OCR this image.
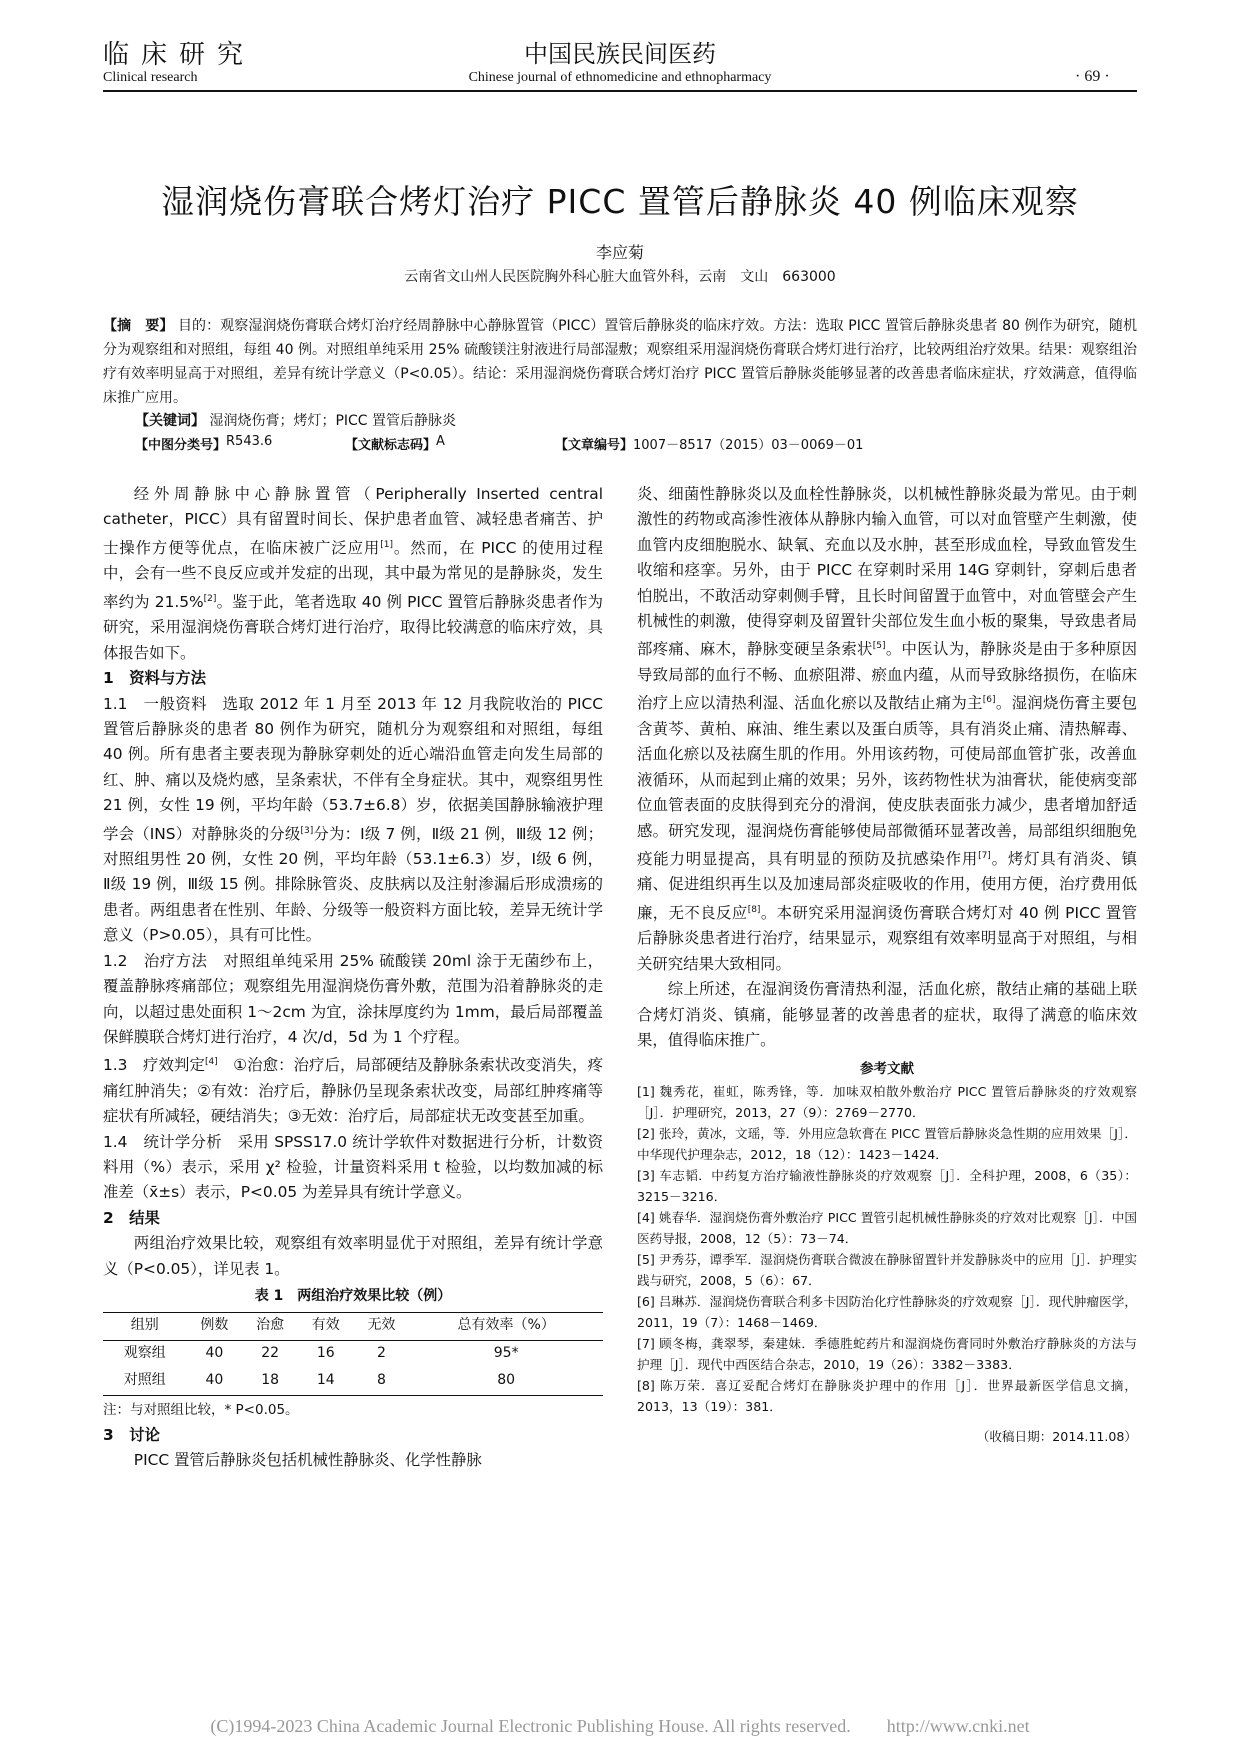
临床研究
Clinical research
中国民族民间医药
Chinese journal of ethnomedicine and ethnopharmacy	· 69 ·
湿润烧伤膏联合烤灯治疗 PICC 置管后静脉炎 40 例临床观察
李应菊
云南省文山州人民医院胸外科心脏大血管外科，云南　文山　663000
【摘　要】 目的：观察湿润烧伤膏联合烤灯治疗经周静脉中心静脉置管（PICC）置管后静脉炎的临床疗效。方法：选取 PICC 置管后静脉炎患者 80 例作为研究，随机分为观察组和对照组，每组 40 例。对照组单纯采用 25% 硫酸镁注射液进行局部湿敷；观察组采用湿润烧伤膏联合烤灯进行治疗，比较两组治疗效果。结果：观察组治疗有效率明显高于对照组，差异有统计学意义（P<0.05）。结论：采用湿润烧伤膏联合烤灯治疗 PICC 置管后静脉炎能够显著的改善患者临床症状，疗效满意，值得临床推广应用。
【关键词】 湿润烧伤膏；烤灯；PICC 置管后静脉炎
【中图分类号】 R543.6	【文献标志码】 A	【文章编号】 1007－8517（2015）03－0069－01

经外周静脉中心静脉置管（Peripherally Inserted central catheter，PICC）具有留置时间长、保护患者血管、减轻患者痛苦、护士操作方便等优点，在临床被广泛应用[1]。然而，在 PICC 的使用过程中，会有一些不良反应或并发症的出现，其中最为常见的是静脉炎，发生率约为 21.5%[2]。鉴于此，笔者选取 40 例 PICC 置管后静脉炎患者作为研究，采用湿润烧伤膏联合烤灯进行治疗，取得比较满意的临床疗效，具体报告如下。

1　资料与方法

1.1　一般资料　选取 2012 年 1 月至 2013 年 12 月我院收治的 PICC 置管后静脉炎的患者 80 例作为研究，随机分为观察组和对照组，每组 40 例。所有患者主要表现为静脉穿刺处的近心端沿血管走向发生局部的红、肿、痛以及烧灼感，呈条索状，不伴有全身症状。其中，观察组男性 21 例，女性 19 例，平均年龄（53.7±6.8）岁，依据美国静脉输液护理学会（INS）对静脉炎的分级[3]分为：Ⅰ级 7 例，Ⅱ级 21 例，Ⅲ级 12 例；对照组男性 20 例，女性 20 例，平均年龄（53.1±6.3）岁，Ⅰ级 6 例，Ⅱ级 19 例，Ⅲ级 15 例。排除脉管炎、皮肤病以及注射渗漏后形成溃疡的患者。两组患者在性别、年龄、分级等一般资料方面比较，差异无统计学意义（P>0.05），具有可比性。

1.2　治疗方法　对照组单纯采用 25% 硫酸镁 20ml 涂于无菌纱布上，覆盖静脉疼痛部位；观察组先用湿润烧伤膏外敷，范围为沿着静脉炎的走向，以超过患处面积 1～2cm 为宜，涂抹厚度约为 1mm，最后局部覆盖保鲜膜联合烤灯进行治疗，4 次/d，5d 为 1 个疗程。

1.3　疗效判定[4]　①治愈：治疗后，局部硬结及静脉条索状改变消失，疼痛红肿消失；②有效：治疗后，静脉仍呈现条索状改变，局部红肿疼痛等症状有所减轻，硬结消失；③无效：治疗后，局部症状无改变甚至加重。

1.4　统计学分析　采用 SPSS17.0 统计学软件对数据进行分析，计数资料用（%）表示，采用 χ² 检验，计量资料采用 t 检验，以均数加减的标准差（x̄±s）表示，P<0.05 为差异具有统计学意义。

2　结果

两组治疗效果比较，观察组有效率明显优于对照组，差异有统计学意义（P<0.05），详见表 1。

表 1　两组治疗效果比较（例）
组别	例数	治愈	有效	无效	总有效率（%）
观察组	40	22	16	2	95*
对照组	40	18	14	8	80
注：与对照组比较，* P<0.05。
3　讨论

PICC 置管后静脉炎包括机械性静脉炎、化学性静脉

炎、细菌性静脉炎以及血栓性静脉炎，以机械性静脉炎最为常见。由于刺激性的药物或高渗性液体从静脉内输入血管，可以对血管壁产生刺激，使血管内皮细胞脱水、缺氧、充血以及水肿，甚至形成血栓，导致血管发生收缩和痉挛。另外，由于 PICC 在穿刺时采用 14G 穿刺针，穿刺后患者怕脱出，不敢活动穿刺侧手臂，且长时间留置于血管中，对血管壁会产生机械性的刺激，使得穿刺及留置针尖部位发生血小板的聚集，导致患者局部疼痛、麻木，静脉变硬呈条索状[5]。中医认为，静脉炎是由于多种原因导致局部的血行不畅、血瘀阻滞、瘀血内蕴，从而导致脉络损伤，在临床治疗上应以清热利湿、活血化瘀以及散结止痛为主[6]。湿润烧伤膏主要包含黄芩、黄柏、麻油、维生素以及蛋白质等，具有消炎止痛、清热解毒、活血化瘀以及祛腐生肌的作用。外用该药物，可使局部血管扩张，改善血液循环，从而起到止痛的效果；另外，该药物性状为油膏状，能使病变部位血管表面的皮肤得到充分的滑润，使皮肤表面张力减少，患者增加舒适感。研究发现，湿润烧伤膏能够使局部微循环显著改善，局部组织细胞免疫能力明显提高，具有明显的预防及抗感染作用[7]。烤灯具有消炎、镇痛、促进组织再生以及加速局部炎症吸收的作用，使用方便，治疗费用低廉，无不良反应[8]。本研究采用湿润烫伤膏联合烤灯对 40 例 PICC 置管后静脉炎患者进行治疗，结果显示，观察组有效率明显高于对照组，与相关研究结果大致相同。

综上所述，在湿润烫伤膏清热利湿，活血化瘀，散结止痛的基础上联合烤灯消炎、镇痛，能够显著的改善患者的症状，取得了满意的临床效果，值得临床推广。

参考文献
[1] 魏秀花，崔虹，陈秀锋，等．加味双柏散外敷治疗 PICC 置管后静脉炎的疗效观察［J］．护理研究，2013，27（9）：2769－2770．
[2] 张玲，黄冰，文瑶，等．外用应急软膏在 PICC 置管后静脉炎急性期的应用效果［J］．中华现代护理杂志，2012，18（12）：1423－1424．
[3] 车志韬．中药复方治疗输液性静脉炎的疗效观察［J］．全科护理，2008，6（35）：3215－3216．
[4] 姚春华．湿润烧伤膏外敷治疗 PICC 置管引起机械性静脉炎的疗效对比观察［J］．中国医药导报，2008，12（5）：73－74．
[5] 尹秀芬，谭季军．湿润烧伤膏联合微波在静脉留置针并发静脉炎中的应用［J］．护理实践与研究，2008，5（6）：67．
[6] 吕琳苏．湿润烧伤膏联合利多卡因防治化疗性静脉炎的疗效观察［J］．现代肿瘤医学，2011，19（7）：1468－1469．
[7] 顾冬梅，龚翠琴，秦建妹．季德胜蛇药片和湿润烧伤膏同时外敷治疗静脉炎的方法与护理［J］．现代中西医结合杂志，2010，19（26）：3382－3383．
[8] 陈万荣．喜辽妥配合烤灯在静脉炎护理中的作用［J］．世界最新医学信息文摘，2013，13（19）：381．
（收稿日期：2014.11.08）
(C)1994-2023 China Academic Journal Electronic Publishing House. All rights reserved.　　http://www.cnki.net
